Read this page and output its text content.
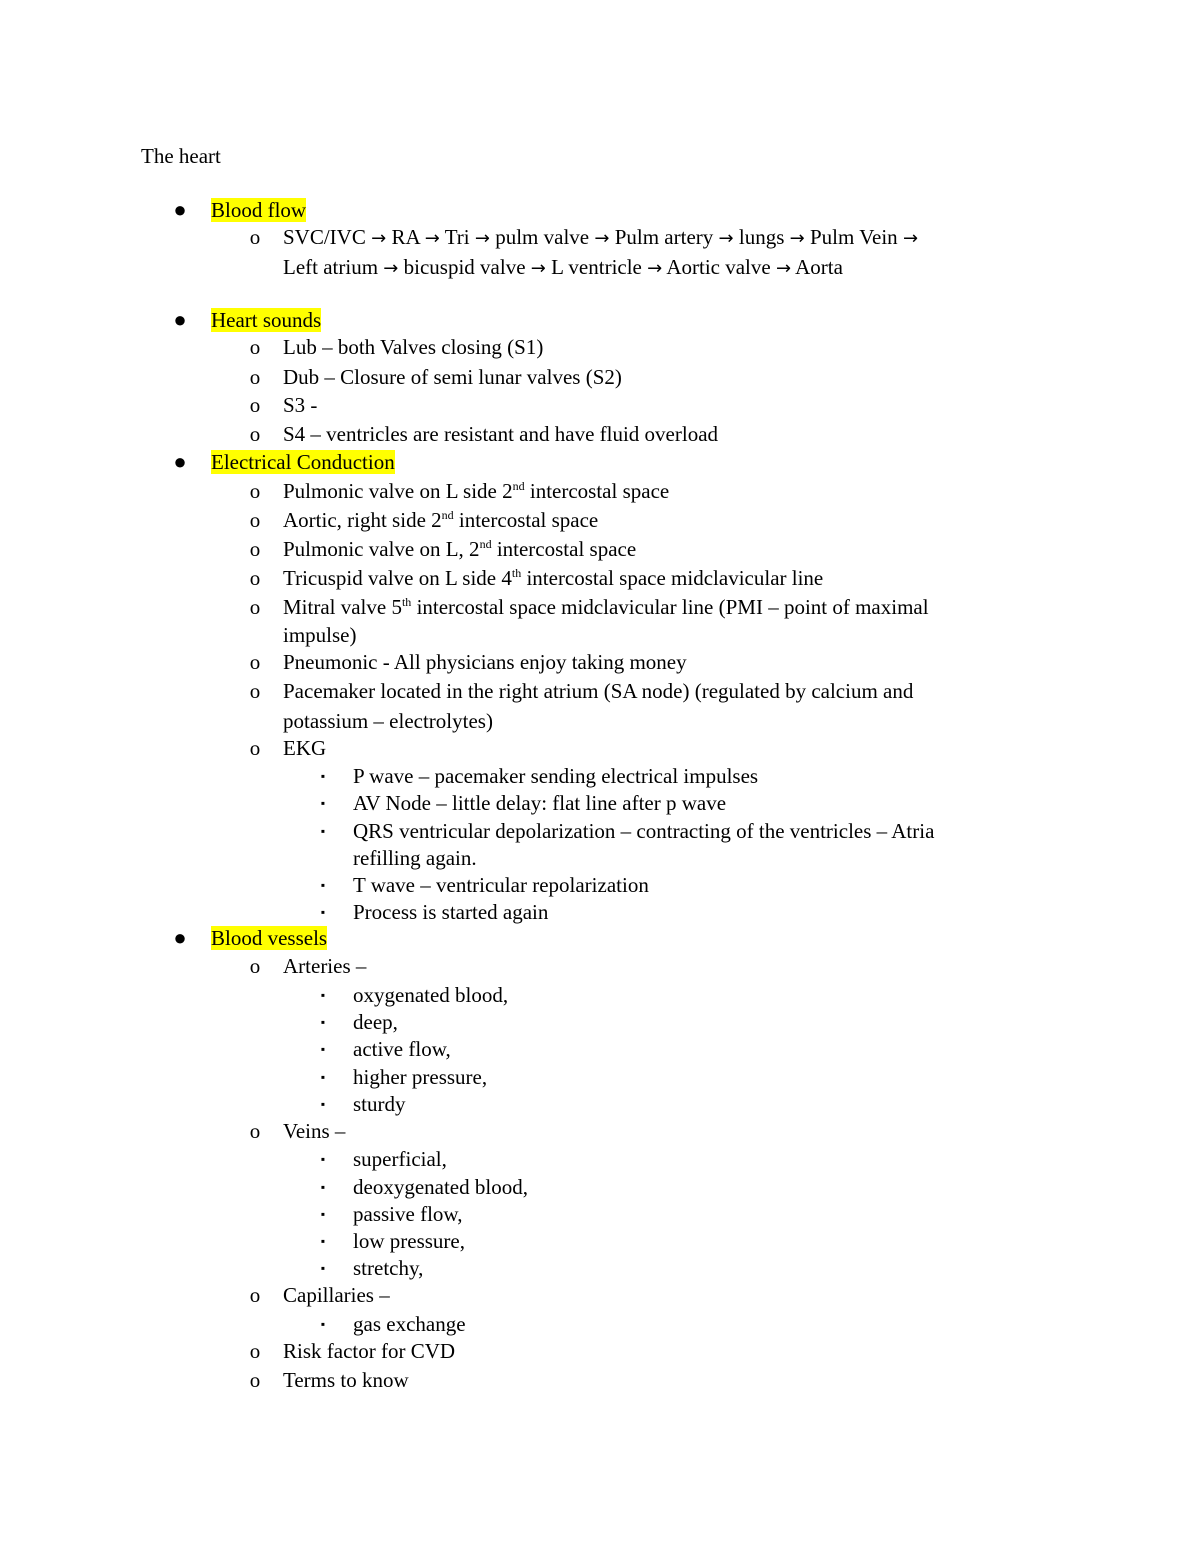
The heart
● Blood flow
o	SVC/IVC → RA → Tri → pulm valve → Pulm artery → lungs → Pulm Vein →
Left atrium → bicuspid valve → L ventricle → Aortic valve → Aorta
● Heart sounds
o	Lub – both Valves closing (S1)
o	Dub – Closure of semi lunar valves (S2)
o	S3 -
o	S4 – ventricles are resistant and have fluid overload
● Electrical Conduction
o	Pulmonic valve on L side 2nd intercostal space
o	Aortic, right side 2nd intercostal space
o	Pulmonic valve on L, 2nd intercostal space
o	Tricuspid valve on L side 4th intercostal space midclavicular line
o	Mitral valve 5th intercostal space midclavicular line (PMI – point of maximal
impulse)
o	Pneumonic - All physicians enjoy taking money
o	Pacemaker located in the right atrium (SA node) (regulated by calcium and
potassium – electrolytes)
o	EKG
▪	P wave – pacemaker sending electrical impulses
▪	AV Node – little delay: flat line after p wave
▪	QRS ventricular depolarization – contracting of the ventricles – Atria
refilling again.
▪	T wave – ventricular repolarization
▪	Process is started again
● Blood vessels
o	Arteries –
▪	oxygenated blood,
▪	deep,
▪	active flow,
▪	higher pressure,
▪	sturdy
o	Veins –
▪	superficial,
▪	deoxygenated blood,
▪	passive flow,
▪	low pressure,
▪	stretchy,
o	Capillaries –
▪	gas exchange
o	Risk factor for CVD
o	Terms to know
